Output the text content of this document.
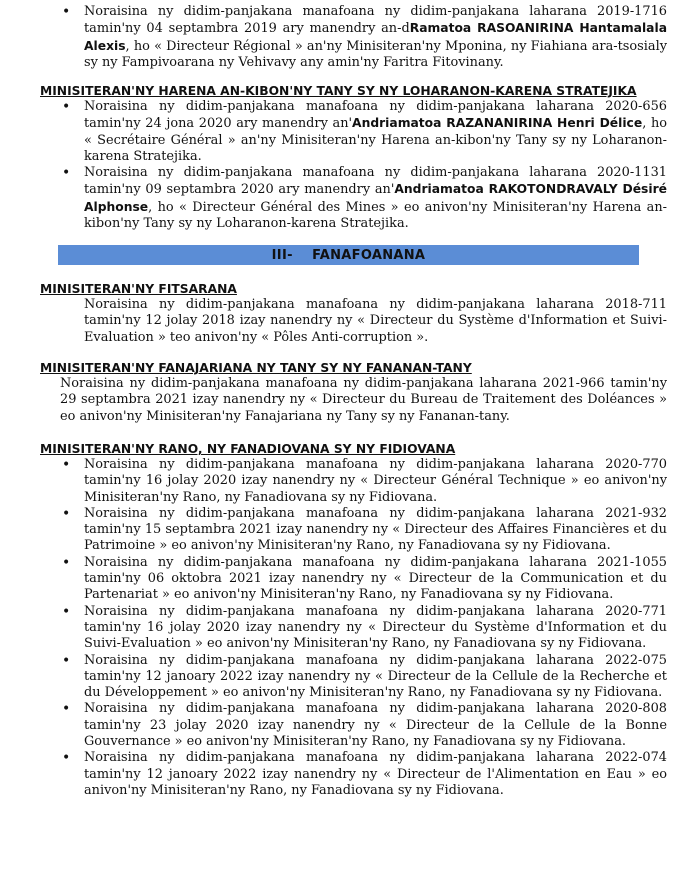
• Noraisina ny didim-panjakana manafoana ny didim-panjakana laharana 2019-1716 tamin'ny 04 septambra 2019 ary manendry an-dRamatoa RASOANIRINA Hantamalala Alexis, ho « Directeur Régional » an'ny Minisiteran'ny Mponina, ny Fiahiana ara-tsosialy sy ny Fampivoarana ny Vehivavy any amin'ny Faritra Fitovinany.

MINISITERAN'NY HARENA AN-KIBON'NY TANY SY NY LOHARANON-KARENA STRATEJIKA

• Noraisina ny didim-panjakana manafoana ny didim-panjakana laharana 2020-656 tamin'ny 24 jona 2020 ary manendry an'Andriamatoa RAZANANIRINA Henri Délice, ho « Secrétaire Général » an'ny Minisiteran'ny Harena an-kibon'ny Tany sy ny Loharanon-karena Stratejika.

• Noraisina ny didim-panjakana manafoana ny didim-panjakana laharana 2020-1131 tamin'ny 09 septambra 2020 ary manendry an'Andriamatoa RAKOTONDRAVALY Désiré Alphonse, ho « Directeur Général des Mines » eo anivon'ny Minisiteran'ny Harena an-kibon'ny Tany sy ny Loharanon-karena Stratejika.

III-    FANAFOANANA

MINISITERAN'NY FITSARANA

Noraisina ny didim-panjakana manafoana ny didim-panjakana laharana 2018-711 tamin'ny 12 jolay 2018 izay nanendry ny « Directeur du Système d'Information et Suivi-Evaluation » teo anivon'ny « Pôles Anti-corruption ».

MINISITERAN'NY FANAJARIANA NY TANY SY NY FANANAN-TANY

Noraisina ny didim-panjakana manafoana ny didim-panjakana laharana 2021-966 tamin'ny 29 septambra 2021 izay nanendry ny « Directeur du Bureau de Traitement des Doléances » eo anivon'ny Minisiteran'ny Fanajariana ny Tany sy ny Fananan-tany.

MINISITERAN'NY RANO, NY FANADIOVANA SY NY FIDIOVANA

• Noraisina ny didim-panjakana manafoana ny didim-panjakana laharana 2020-770 tamin'ny 16 jolay 2020 izay nanendry ny « Directeur Général Technique » eo anivon'ny Minisiteran'ny Rano, ny Fanadiovana sy ny Fidiovana.

• Noraisina ny didim-panjakana manafoana ny didim-panjakana laharana 2021-932 tamin'ny 15 septambra 2021 izay nanendry ny « Directeur des Affaires Financières et du Patrimoine » eo anivon'ny Minisiteran'ny Rano, ny Fanadiovana sy ny Fidiovana.

• Noraisina ny didim-panjakana manafoana ny didim-panjakana laharana 2021-1055 tamin'ny 06 oktobra 2021 izay nanendry ny « Directeur de la Communication et du Partenariat » eo anivon'ny Minisiteran'ny Rano, ny Fanadiovana sy ny Fidiovana.

• Noraisina ny didim-panjakana manafoana ny didim-panjakana laharana 2020-771 tamin'ny 16 jolay 2020 izay nanendry ny « Directeur du Système d'Information et du Suivi-Evaluation » eo anivon'ny Minisiteran'ny Rano, ny Fanadiovana sy ny Fidiovana.

• Noraisina ny didim-panjakana manafoana ny didim-panjakana laharana 2022-075 tamin'ny 12 janoary 2022 izay nanendry ny « Directeur de la Cellule de la Recherche et du Développement » eo anivon'ny Minisiteran'ny Rano, ny Fanadiovana sy ny Fidiovana.

• Noraisina ny didim-panjakana manafoana ny didim-panjakana laharana 2020-808 tamin'ny 23 jolay 2020 izay nanendry ny « Directeur de la Cellule de la Bonne Gouvernance » eo anivon'ny Minisiteran'ny Rano, ny Fanadiovana sy ny Fidiovana.

• Noraisina ny didim-panjakana manafoana ny didim-panjakana laharana 2022-074 tamin'ny 12 janoary 2022 izay nanendry ny « Directeur de l'Alimentation en Eau » eo anivon'ny Minisiteran'ny Rano, ny Fanadiovana sy ny Fidiovana.
